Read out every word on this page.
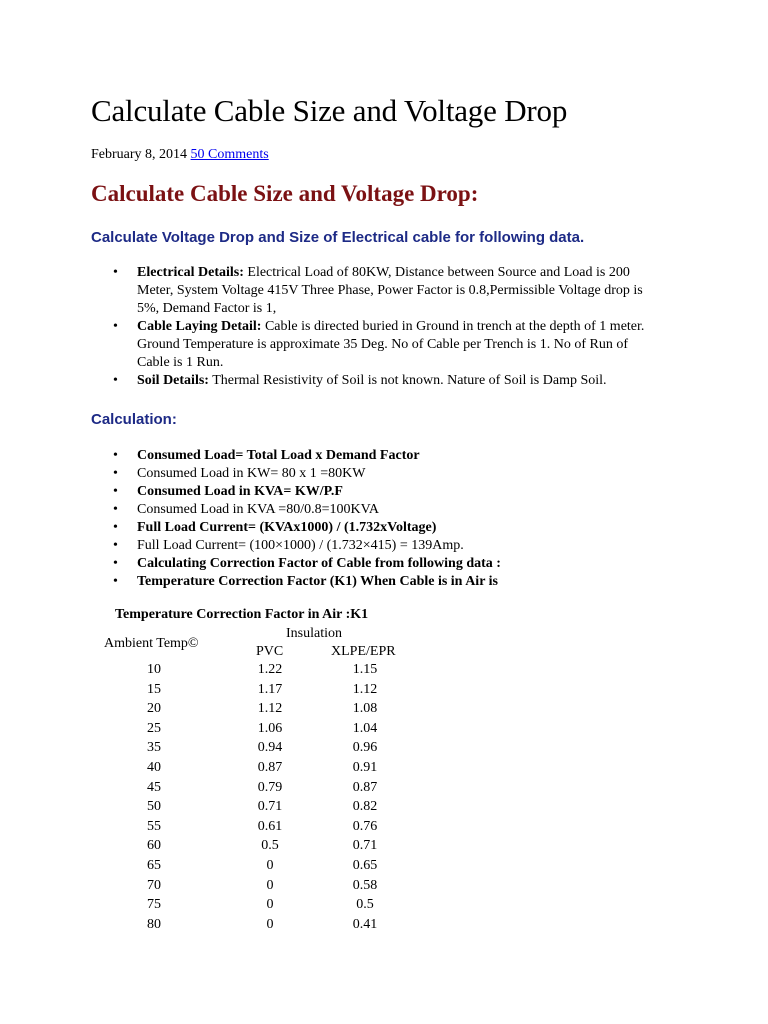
Calculate Cable Size and Voltage Drop
February 8, 2014 50 Comments
Calculate Cable Size and Voltage Drop:
Calculate Voltage Drop and Size of Electrical cable for following data.
• Electrical Details: Electrical Load of 80KW, Distance between Source and Load is 200 Meter, System Voltage 415V Three Phase, Power Factor is 0.8,Permissible Voltage drop is 5%, Demand Factor is 1,
• Cable Laying Detail: Cable is directed buried in Ground in trench at the depth of 1 meter. Ground Temperature is approximate 35 Deg. No of Cable per Trench is 1. No of Run of Cable is 1 Run.
• Soil Details: Thermal Resistivity of Soil is not known. Nature of Soil is Damp Soil.
Calculation:
• Consumed Load= Total Load x Demand Factor
• Consumed Load in KW= 80 x 1 =80KW
• Consumed Load in KVA= KW/P.F
• Consumed Load in KVA =80/0.8=100KVA
• Full Load Current= (KVAx1000) / (1.732xVoltage)
• Full Load Current= (100×1000) / (1.732×415) = 139Amp.
• Calculating Correction Factor of Cable from following data :
• Temperature Correction Factor (K1) When Cable is in Air is
Temperature Correction Factor in Air :K1
Insulation
Ambient Temp©
PVC	XLPE/EPR
10	1.22	1.15
15	1.17	1.12
20	1.12	1.08
25	1.06	1.04
35	0.94	0.96
40	0.87	0.91
45	0.79	0.87
50	0.71	0.82
55	0.61	0.76
60	0.5	0.71
65	0	0.65
70	0	0.58
75	0	0.5
80	0	0.41
